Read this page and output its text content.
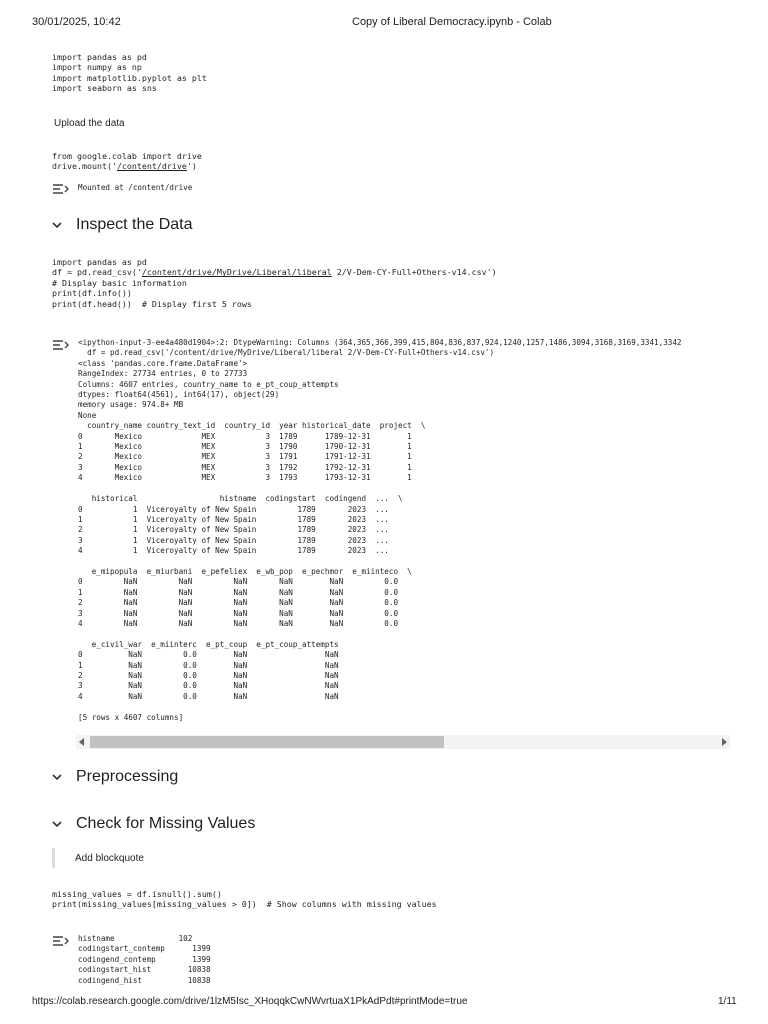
30/01/2025, 10:42	Copy of Liberal Democracy.ipynb - Colab
import pandas as pd
import numpy as np
import matplotlib.pyplot as plt
import seaborn as sns
Upload the data
from google.colab import drive
drive.mount('/content/drive')
Mounted at /content/drive
Inspect the Data
import pandas as pd
df = pd.read_csv('/content/drive/MyDrive/Liberal/liberal 2/V-Dem-CY-Full+Others-v14.csv')
# Display basic information
print(df.info())
print(df.head())  # Display first 5 rows
<ipython-input-3-ee4a480d1904>:2: DtypeWarning: Columns (364,365,366,399,415,804,836,837,924,1240,1257,1486,3094,3168,3169,3341,3342
df = pd.read_csv('/content/drive/MyDrive/Liberal/liberal 2/V-Dem-CY-Full+Others-v14.csv')
<class 'pandas.core.frame.DataFrame'>
RangeIndex: 27734 entries, 0 to 27733
Columns: 4607 entries, country_name to e_pt_coup_attempts
dtypes: float64(4561), int64(17), object(29)
memory usage: 974.8+ MB
None
country_name country_text_id  country_id  year historical_date  project  \
0       Mexico             MEX           3  1789      1789-12-31        1
1       Mexico             MEX           3  1790      1790-12-31        1
2       Mexico             MEX           3  1791      1791-12-31        1
3       Mexico             MEX           3  1792      1792-12-31        1
4       Mexico             MEX           3  1793      1793-12-31        1

historical                  histname  codingstart  codingend  ...  \
0           1  Viceroyalty of New Spain         1789       2023  ...
1           1  Viceroyalty of New Spain         1789       2023  ...
2           1  Viceroyalty of New Spain         1789       2023  ...
3           1  Viceroyalty of New Spain         1789       2023  ...
4           1  Viceroyalty of New Spain         1789       2023  ...

e_mipopula  e_miurbani  e_pefeliex  e_wb_pop  e_pechmor  e_miinteco  \
0         NaN         NaN         NaN       NaN        NaN         0.0
1         NaN         NaN         NaN       NaN        NaN         0.0
2         NaN         NaN         NaN       NaN        NaN         0.0
3         NaN         NaN         NaN       NaN        NaN         0.0
4         NaN         NaN         NaN       NaN        NaN         0.0

e_civil_war  e_miinterc  e_pt_coup  e_pt_coup_attempts
0          NaN         0.0        NaN                 NaN
1          NaN         0.0        NaN                 NaN
2          NaN         0.0        NaN                 NaN
3          NaN         0.0        NaN                 NaN
4          NaN         0.0        NaN                 NaN

[5 rows x 4607 columns]
Preprocessing
Check for Missing Values
Add blockquote
missing_values = df.isnull().sum()
print(missing_values[missing_values > 0])  # Show columns with missing values
histname              102
codingstart_contemp      1399
codingend_contemp        1399
codingstart_hist        10838
codingend_hist          10838
https://colab.research.google.com/drive/1lzM5Isc_XHoqqkCwNWvrtuaX1PkAdPdt#printMode=true	1/11
